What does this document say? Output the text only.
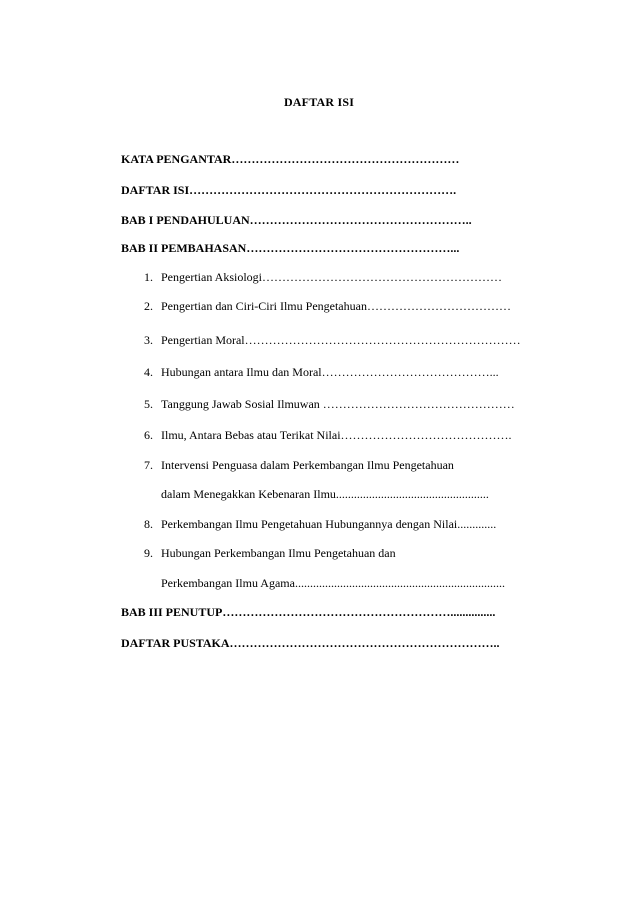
DAFTAR ISI
KATA PENGANTAR…………………………………………………
DAFTAR ISI………………………………………………………….
BAB I PENDAHULUAN………………………………………………..
BAB II PEMBAHASAN……………………………………………...
1. Pengertian Aksiologi……………………………………………………
2. Pengertian dan Ciri-Ciri Ilmu Pengetahuan………………………………
3. Pengertian Moral……………………………………………………………
4. Hubungan antara Ilmu dan Moral……………………………………...
5. Tanggung Jawab Sosial Ilmuwan …………………………………………
6. Ilmu, Antara Bebas atau Terikat Nilai…………………………………….
7. Intervensi Penguasa dalam Perkembangan Ilmu Pengetahuan
dalam Menegakkan Kebenaran Ilmu...................................................
8. Perkembangan Ilmu Pengetahuan Hubungannya dengan Nilai.............
9. Hubungan Perkembangan Ilmu Pengetahuan dan
Perkembangan Ilmu Agama......................................................................
BAB III PENUTUP…………………………………………………...............
DAFTAR PUSTAKA…………………………………………………………..
